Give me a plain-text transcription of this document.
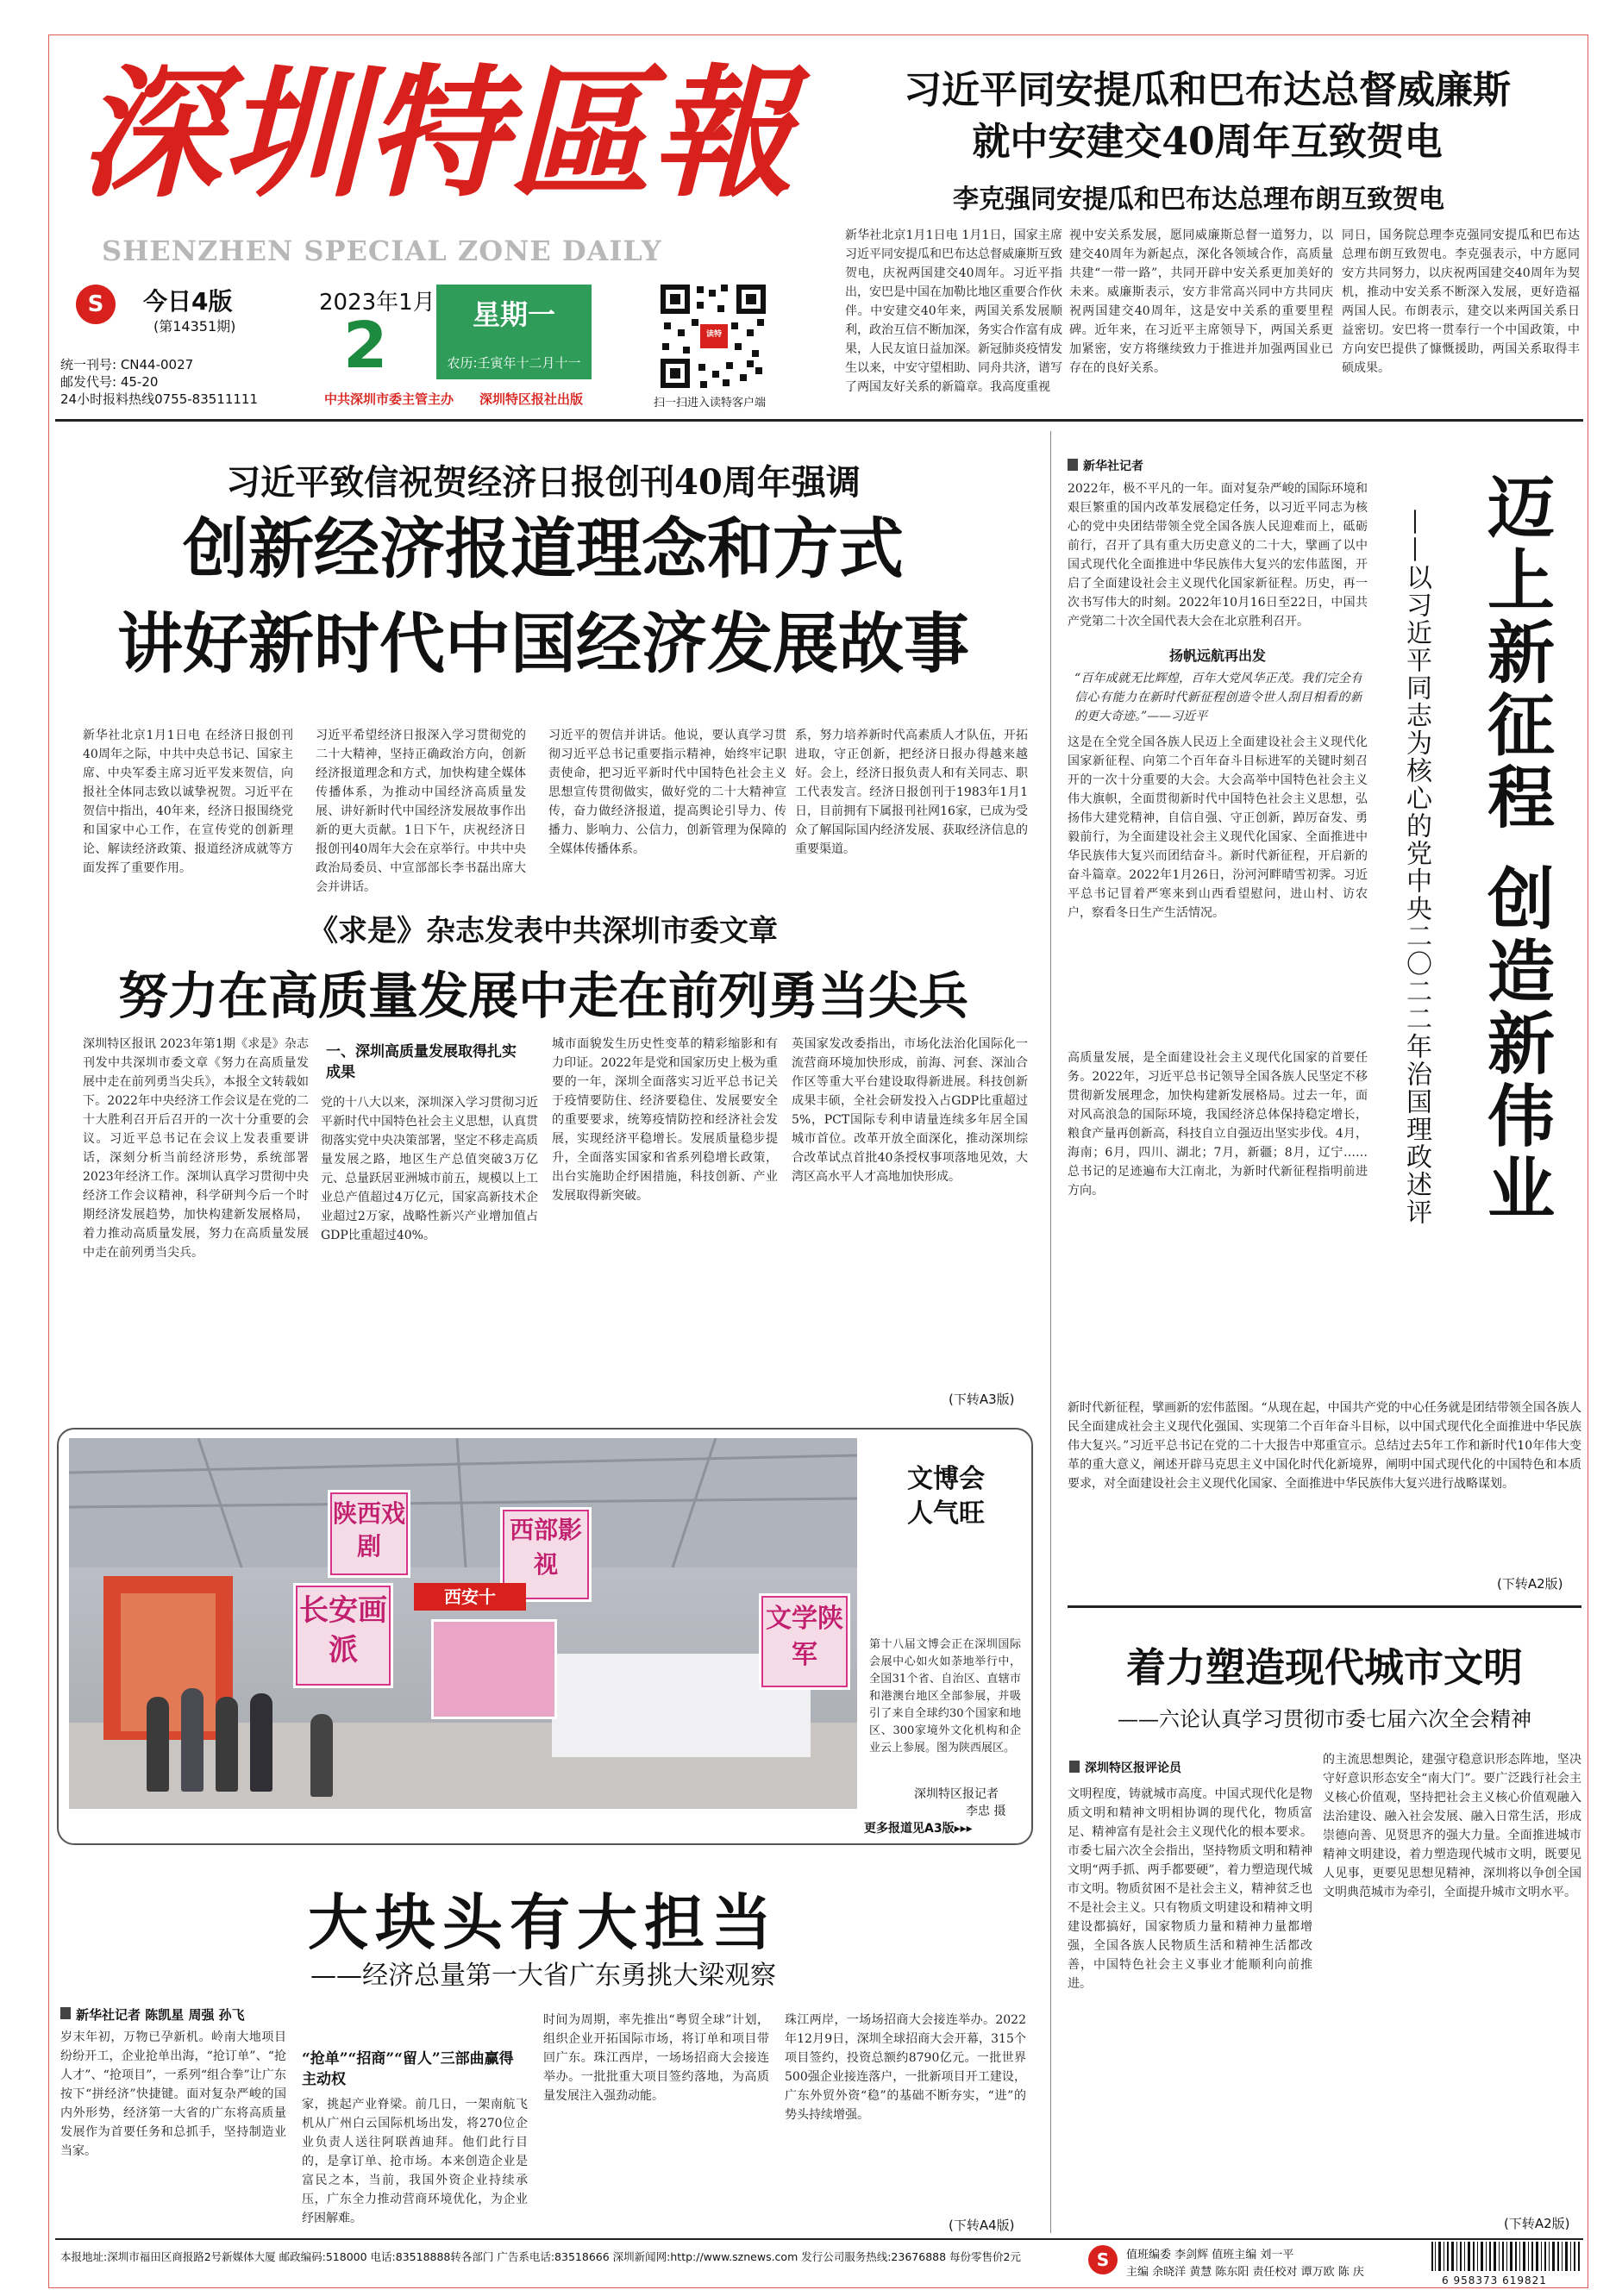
深圳特區報
SHENZHEN SPECIAL ZONE DAILY
S	今日4版
(第14351期)
2023年1月
2	星期一
农历:壬寅年十二月十一
统一刊号: CN44-0027
邮发代号: 45-20
24小时报料热线0755-83511111	中共深圳市委主管主办 深圳特区报社出版
读特
扫一扫进入读特客户端
习近平同安提瓜和巴布达总督威廉斯
就中安建交40周年互致贺电
李克强同安提瓜和巴布达总理布朗互致贺电
新华社北京1月1日电 1月1日，国家主席习近平同安提瓜和巴布达总督威廉斯互致贺电，庆祝两国建交40周年。习近平指出，安巴是中国在加勒比地区重要合作伙伴。中安建交40年来，两国关系发展顺利，政治互信不断加深，务实合作富有成果，人民友谊日益加深。新冠肺炎疫情发生以来，中安守望相助、同舟共济，谱写了两国友好关系的新篇章。我高度重视
视中安关系发展，愿同威廉斯总督一道努力，以建交40周年为新起点，深化各领域合作，高质量共建“一带一路”，共同开辟中安关系更加美好的未来。威廉斯表示，安方非常高兴同中方共同庆祝两国建交40周年，这是安中关系的重要里程碑。近年来，在习近平主席领导下，两国关系更加紧密，安方将继续致力于推进并加强两国业已存在的良好关系。
同日，国务院总理李克强同安提瓜和巴布达总理布朗互致贺电。李克强表示，中方愿同安方共同努力，以庆祝两国建交40周年为契机，推动中安关系不断深入发展，更好造福两国人民。布朗表示，建交以来两国关系日益密切。安巴将一贯奉行一个中国政策，中方向安巴提供了慷慨援助，两国关系取得丰硕成果。
习近平致信祝贺经济日报创刊40周年强调
创新经济报道理念和方式
讲好新时代中国经济发展故事
新华社北京1月1日电 在经济日报创刊40周年之际，中共中央总书记、国家主席、中央军委主席习近平发来贺信，向报社全体同志致以诚挚祝贺。习近平在贺信中指出，40年来，经济日报围绕党和国家中心工作，在宣传党的创新理论、解读经济政策、报道经济成就等方面发挥了重要作用。
习近平希望经济日报深入学习贯彻党的二十大精神，坚持正确政治方向，创新经济报道理念和方式，加快构建全媒体传播体系，为推动中国经济高质量发展、讲好新时代中国经济发展故事作出新的更大贡献。1日下午，庆祝经济日报创刊40周年大会在京举行。中共中央政治局委员、中宣部部长李书磊出席大会并讲话。
习近平的贺信并讲话。他说，要认真学习贯彻习近平总书记重要指示精神，始终牢记职责使命，把习近平新时代中国特色社会主义思想宣传贯彻做实，做好党的二十大精神宣传，奋力做经济报道，提高舆论引导力、传播力、影响力、公信力，创新管理为保障的全媒体传播体系。
系，努力培养新时代高素质人才队伍，开拓进取，守正创新，把经济日报办得越来越好。会上，经济日报负责人和有关同志、职工代表发言。经济日报创刊于1983年1月1日，目前拥有下属报刊社网16家，已成为受众了解国际国内经济发展、获取经济信息的重要渠道。
《求是》杂志发表中共深圳市委文章
努力在高质量发展中走在前列勇当尖兵
深圳特区报讯 2023年第1期《求是》杂志刊发中共深圳市委文章《努力在高质量发展中走在前列勇当尖兵》，本报全文转载如下。2022年中央经济工作会议是在党的二十大胜利召开后召开的一次十分重要的会议。习近平总书记在会议上发表重要讲话，深刻分析当前经济形势，系统部署2023年经济工作。深圳认真学习贯彻中央经济工作会议精神，科学研判今后一个时期经济发展趋势，加快构建新发展格局，着力推动高质量发展，努力在高质量发展中走在前列勇当尖兵。
一、深圳高质量发展取得扎实成果
党的十八大以来，深圳深入学习贯彻习近平新时代中国特色社会主义思想，认真贯彻落实党中央决策部署，坚定不移走高质量发展之路，地区生产总值突破3万亿元、总量跃居亚洲城市前五，规模以上工业总产值超过4万亿元，国家高新技术企业超过2万家，战略性新兴产业增加值占GDP比重超过40%。
城市面貌发生历史性变革的精彩缩影和有力印证。2022年是党和国家历史上极为重要的一年，深圳全面落实习近平总书记关于疫情要防住、经济要稳住、发展要安全的重要要求，统筹疫情防控和经济社会发展，实现经济平稳增长。发展质量稳步提升，全面落实国家和省系列稳增长政策，出台实施助企纾困措施，科技创新、产业发展取得新突破。
英国家发改委指出，市场化法治化国际化一流营商环境加快形成，前海、河套、深汕合作区等重大平台建设取得新进展。科技创新成果丰硕，全社会研发投入占GDP比重超过5%，PCT国际专利申请量连续多年居全国城市首位。改革开放全面深化，推动深圳综合改革试点首批40条授权事项落地见效，大湾区高水平人才高地加快形成。
(下转A3版)
陕西戏剧
西部影视
长安画派
文学陕军
西安十
文博会
人气旺
第十八届文博会正在深圳国际会展中心如火如荼地举行中，全国31个省、自治区、直辖市和港澳台地区全部参展，并吸引了来自全球约30个国家和地区、300家境外文化机构和企业云上参展。图为陕西展区。
深圳特区报记者
李忠 摄
更多报道见A3版▸▸▸
新华社记者
2022年，极不平凡的一年。面对复杂严峻的国际环境和艰巨繁重的国内改革发展稳定任务，以习近平同志为核心的党中央团结带领全党全国各族人民迎难而上，砥砺前行，召开了具有重大历史意义的二十大，擘画了以中国式现代化全面推进中华民族伟大复兴的宏伟蓝图，开启了全面建设社会主义现代化国家新征程。历史，再一次书写伟大的时刻。2022年10月16日至22日，中国共产党第二十次全国代表大会在北京胜利召开。
扬帆远航再出发
“百年成就无比辉煌，百年大党风华正茂。我们完全有信心有能力在新时代新征程创造令世人刮目相看的新的更大奇迹。”——习近平
这是在全党全国各族人民迈上全面建设社会主义现代化国家新征程、向第二个百年奋斗目标进军的关键时刻召开的一次十分重要的大会。大会高举中国特色社会主义伟大旗帜，全面贯彻新时代中国特色社会主义思想，弘扬伟大建党精神，自信自强、守正创新，踔厉奋发、勇毅前行，为全面建设社会主义现代化国家、全面推进中华民族伟大复兴而团结奋斗。新时代新征程，开启新的奋斗篇章。2022年1月26日，汾河河畔晴雪初霁。习近平总书记冒着严寒来到山西看望慰问，进山村、访农户，察看冬日生产生活情况。
高质量发展，是全面建设社会主义现代化国家的首要任务。2022年，习近平总书记领导全国各族人民坚定不移贯彻新发展理念，加快构建新发展格局。过去一年，面对风高浪急的国际环境，我国经济总体保持稳定增长，粮食产量再创新高，科技自立自强迈出坚实步伐。4月，海南；6月，四川、湖北；7月，新疆；8月，辽宁……总书记的足迹遍布大江南北，为新时代新征程指明前进方向。
新时代新征程，擘画新的宏伟蓝图。“从现在起，中国共产党的中心任务就是团结带领全国各族人民全面建成社会主义现代化强国、实现第二个百年奋斗目标，以中国式现代化全面推进中华民族伟大复兴。”习近平总书记在党的二十大报告中郑重宣示。总结过去5年工作和新时代10年伟大变革的重大意义，阐述开辟马克思主义中国化时代化新境界，阐明中国式现代化的中国特色和本质要求，对全面建设社会主义现代化国家、全面推进中华民族伟大复兴进行战略谋划。
(下转A2版)
迈上新征程 创造新伟业
——以习近平同志为核心的党中央二〇二二年治国理政述评
着力塑造现代城市文明
——六论认真学习贯彻市委七届六次全会精神
深圳特区报评论员
文明程度，铸就城市高度。中国式现代化是物质文明和精神文明相协调的现代化，物质富足、精神富有是社会主义现代化的根本要求。市委七届六次全会指出，坚持物质文明和精神文明“两手抓、两手都要硬”，着力塑造现代城市文明。物质贫困不是社会主义，精神贫乏也不是社会主义。只有物质文明建设和精神文明建设都搞好，国家物质力量和精神力量都增强，全国各族人民物质生活和精神生活都改善，中国特色社会主义事业才能顺利向前推进。
的主流思想舆论，建强守稳意识形态阵地，坚决守好意识形态安全“南大门”。要广泛践行社会主义核心价值观，坚持把社会主义核心价值观融入法治建设、融入社会发展、融入日常生活，形成崇德向善、见贤思齐的强大力量。全面推进城市精神文明建设，着力塑造现代城市文明，既要见人见事，更要见思想见精神，深圳将以争创全国文明典范城市为牵引，全面提升城市文明水平。
(下转A2版)
大块头有大担当
——经济总量第一大省广东勇挑大梁观察
新华社记者 陈凯星 周强 孙飞
岁末年初，万物已孕新机。岭南大地项目纷纷开工，企业抢单出海，“抢订单”、“抢人才”、“抢项目”，一系列“组合拳”让广东按下“拼经济”快捷键。面对复杂严峻的国内外形势，经济第一大省的广东将高质量发展作为首要任务和总抓手，坚持制造业当家。
“抢单”“招商”“留人”三部曲赢得主动权
家，挑起产业脊梁。前几日，一架南航飞机从广州白云国际机场出发，将270位企业负责人送往阿联酋迪拜。他们此行目的，是拿订单、抢市场。本来创造企业是富民之本，当前，我国外资企业持续承压，广东全力推动营商环境优化，为企业纾困解难。
时间为周期，率先推出“粤贸全球”计划，组织企业开拓国际市场，将订单和项目带回广东。珠江西岸，一场场招商大会接连举办。一批批重大项目签约落地，为高质量发展注入强劲动能。
珠江两岸，一场场招商大会接连举办。2022年12月9日，深圳全球招商大会开幕，315个项目签约，投资总额约8790亿元。一批世界500强企业接连落户，一批新项目开工建设，广东外贸外资“稳”的基础不断夯实，“进”的势头持续增强。
(下转A4版)
本报地址:深圳市福田区商报路2号新媒体大厦 邮政编码:518000 电话:83518888转各部门 广告系电话:83518666 深圳新闻网:http://www.sznews.com 发行公司服务热线:23676888 每份零售价2元	S	值班编委 李剑辉 值班主编 刘一平
主编 余晓洋 黄慧 陈东阳 责任校对 谭万欧 陈 庆
6 958373 619821
